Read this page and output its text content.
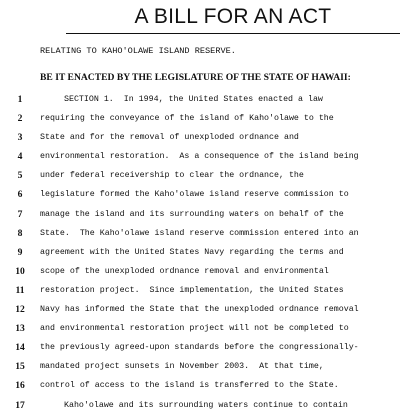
A BILL FOR AN ACT
RELATING TO KAHO'OLAWE ISLAND RESERVE.
BE IT ENACTED BY THE LEGISLATURE OF THE STATE OF HAWAII:
1	SECTION 1.  In 1994, the United States enacted a law
2	requiring the conveyance of the island of Kaho'olawe to the
3	State and for the removal of unexploded ordnance and
4	environmental restoration.  As a consequence of the island being
5	under federal receivership to clear the ordnance, the
6	legislature formed the Kaho'olawe island reserve commission to
7	manage the island and its surrounding waters on behalf of the
8	State.  The Kaho'olawe island reserve commission entered into an
9	agreement with the United States Navy regarding the terms and
10 scope of the unexploded ordnance removal and environmental
11 restoration project.  Since implementation, the United States
12 Navy has informed the State that the unexploded ordnance removal
13 and environmental restoration project will not be completed to
14 the previously agreed-upon standards before the congressionally-
15 mandated project sunsets in November 2003.  At that time,
16 control of access to the island is transferred to the State.
17	Kaho'olawe and its surrounding waters continue to contain
